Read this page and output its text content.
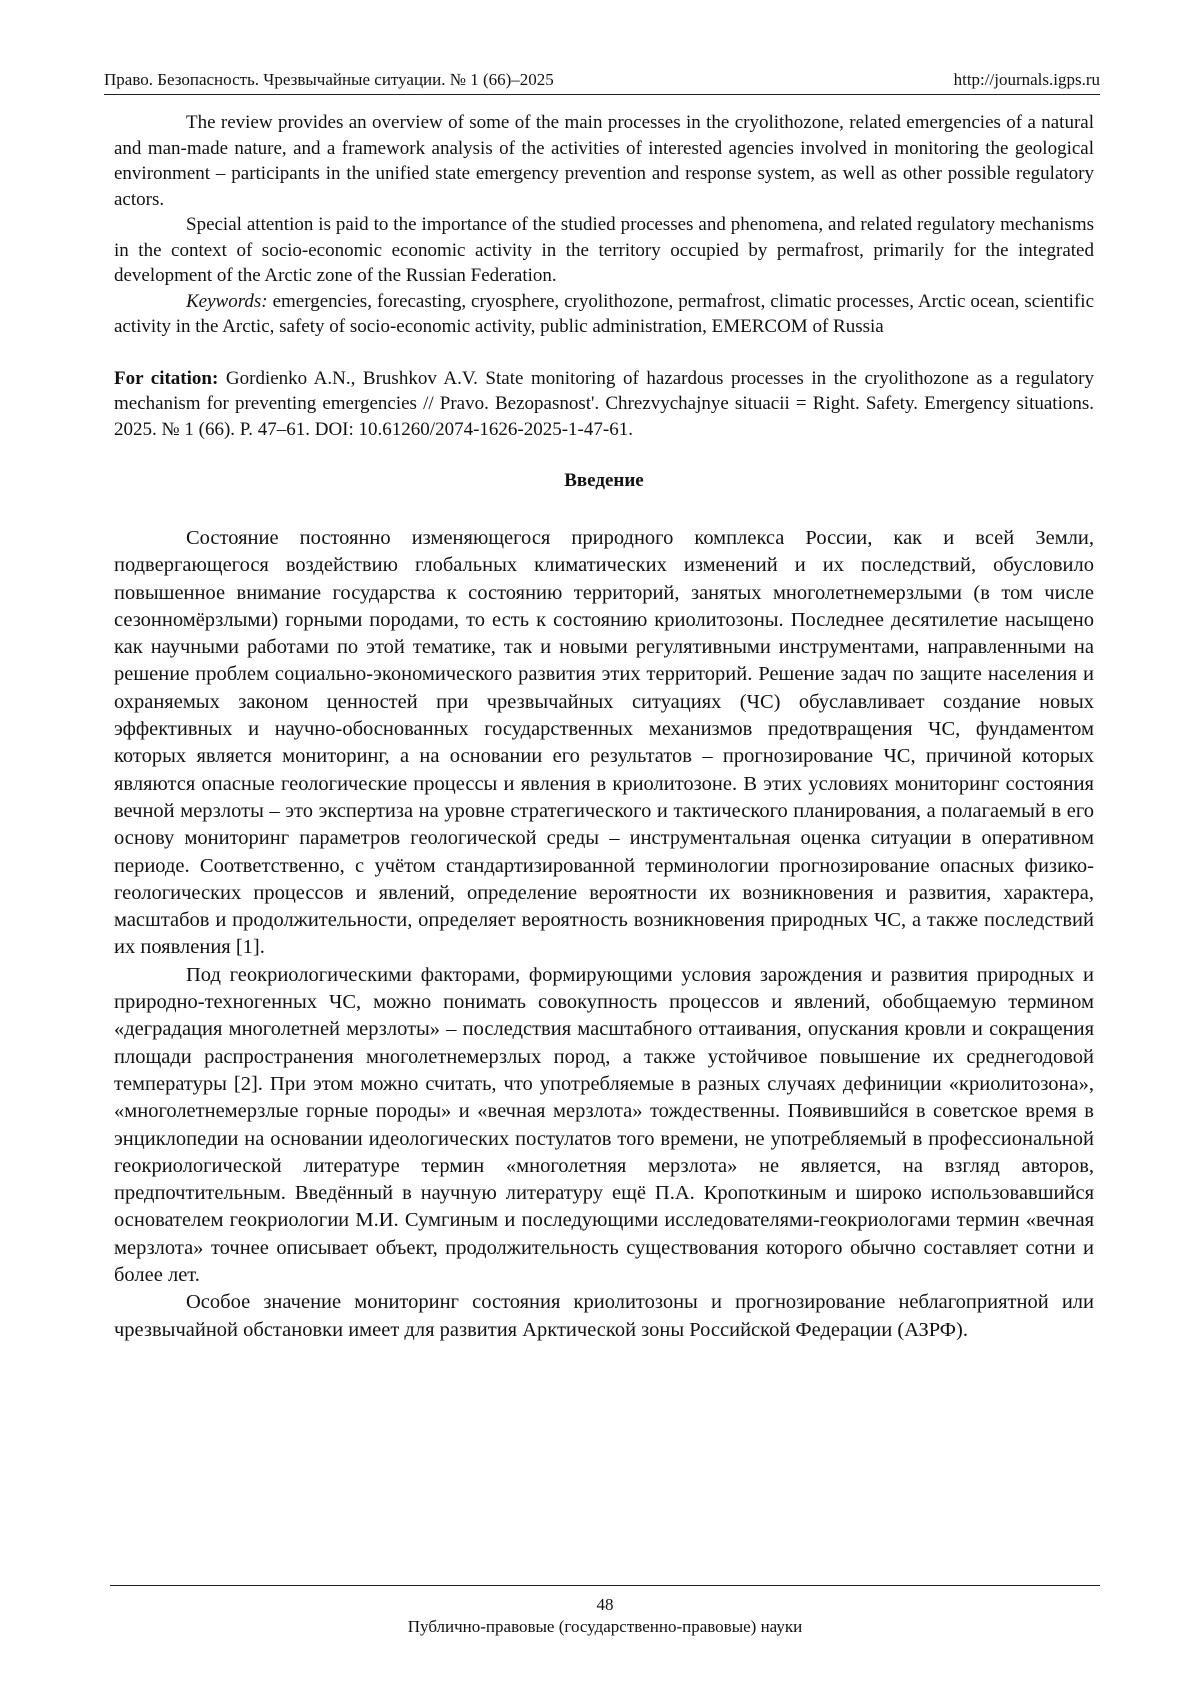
Право. Безопасность. Чрезвычайные ситуации. № 1 (66)–2025	http://journals.igps.ru

The review provides an overview of some of the main processes in the cryolithozone, related emergencies of a natural and man-made nature, and a framework analysis of the activities of interested agencies involved in monitoring the geological environment – participants in the unified state emergency prevention and response system, as well as other possible regulatory actors.

Special attention is paid to the importance of the studied processes and phenomena, and related regulatory mechanisms in the context of socio-economic economic activity in the territory occupied by permafrost, primarily for the integrated development of the Arctic zone of the Russian Federation.

Keywords: emergencies, forecasting, cryosphere, cryolithozone, permafrost, climatic processes, Arctic ocean, scientific activity in the Arctic, safety of socio-economic activity, public administration, EMERCOM of Russia

For citation: Gordienko A.N., Brushkov A.V. State monitoring of hazardous processes in the cryolithozone as a regulatory mechanism for preventing emergencies // Pravo. Bezopasnost'. Chrezvychajnye situacii = Right. Safety. Emergency situations. 2025. № 1 (66). P. 47–61. DOI: 10.61260/2074-1626-2025-1-47-61.

Введение

Состояние постоянно изменяющегося природного комплекса России, как и всей Земли, подвергающегося воздействию глобальных климатических изменений и их последствий, обусловило повышенное внимание государства к состоянию территорий, занятых многолетнемерзлыми (в том числе сезонномёрзлыми) горными породами, то есть к состоянию криолитозоны. Последнее десятилетие насыщено как научными работами по этой тематике, так и новыми регулятивными инструментами, направленными на решение проблем социально-экономического развития этих территорий. Решение задач по защите населения и охраняемых законом ценностей при чрезвычайных ситуациях (ЧС) обуславливает создание новых эффективных и научно-обоснованных государственных механизмов предотвращения ЧС, фундаментом которых является мониторинг, а на основании его результатов – прогнозирование ЧС, причиной которых являются опасные геологические процессы и явления в криолитозоне. В этих условиях мониторинг состояния вечной мерзлоты – это экспертиза на уровне стратегического и тактического планирования, а полагаемый в его основу мониторинг параметров геологической среды – инструментальная оценка ситуации в оперативном периоде. Соответственно, с учётом стандартизированной терминологии прогнозирование опасных физико-геологических процессов и явлений, определение вероятности их возникновения и развития, характера, масштабов и продолжительности, определяет вероятность возникновения природных ЧС, а также последствий их появления [1].

Под геокриологическими факторами, формирующими условия зарождения и развития природных и природно-техногенных ЧС, можно понимать совокупность процессов и явлений, обобщаемую термином «деградация многолетней мерзлоты» – последствия масштабного оттаивания, опускания кровли и сокращения площади распространения многолетнемерзлых пород, а также устойчивое повышение их среднегодовой температуры [2]. При этом можно считать, что употребляемые в разных случаях дефиниции «криолитозона», «многолетнемерзлые горные породы» и «вечная мерзлота» тождественны. Появившийся в советское время в энциклопедии на основании идеологических постулатов того времени, не употребляемый в профессиональной геокриологической литературе термин «многолетняя мерзлота» не является, на взгляд авторов, предпочтительным. Введённый в научную литературу ещё П.А. Кропоткиным и широко использовавшийся основателем геокриологии М.И. Сумгиным и последующими исследователями-геокриологами термин «вечная мерзлота» точнее описывает объект, продолжительность существования которого обычно составляет сотни и более лет.

Особое значение мониторинг состояния криолитозоны и прогнозирование неблагоприятной или чрезвычайной обстановки имеет для развития Арктической зоны Российской Федерации (АЗРФ).

48
Публично-правовые (государственно-правовые) науки
